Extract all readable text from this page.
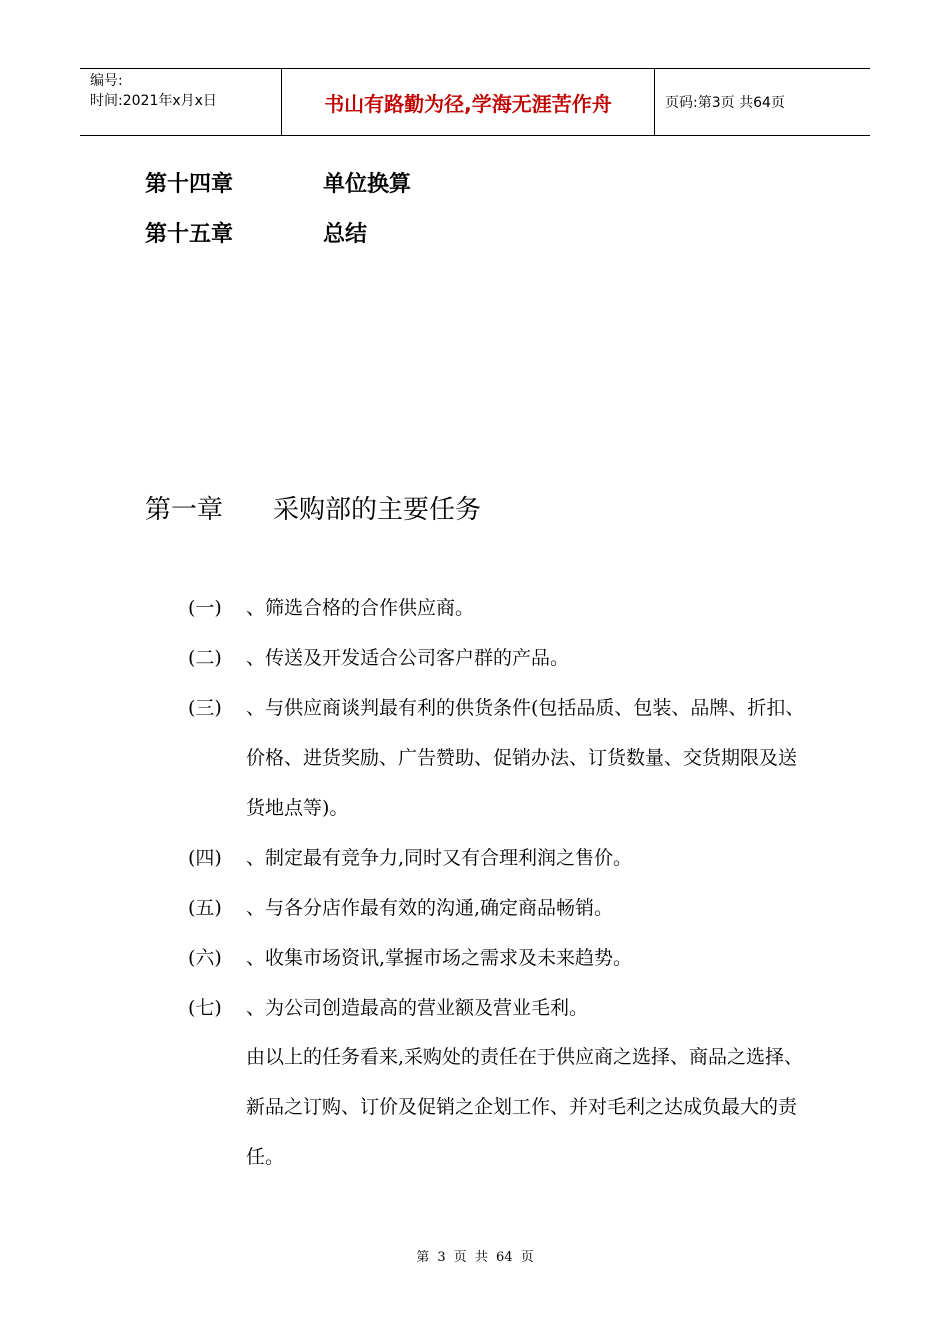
编号:
时间:2021年x月x日	书山有路勤为径,学海无涯苦作舟	页码:第3页 共64页
第十四章	单位换算
第十五章	总结
第一章 采购部的主要任务
(一)	、筛选合格的合作供应商。
(二)	、传送及开发适合公司客户群的产品。
(三)	、与供应商谈判最有利的供货条件(包括品质、包装、品牌、折扣、价格、进货奖励、广告赞助、促销办法、订货数量、交货期限及送货地点等)。
(四)	、制定最有竞争力,同时又有合理利润之售价。
(五)	、与各分店作最有效的沟通,确定商品畅销。
(六)	、收集市场资讯,掌握市场之需求及未来趋势。
(七)	、为公司创造最高的营业额及营业毛利。
由以上的任务看来,采购处的责任在于供应商之选择、商品之选择、新品之订购、订价及促销之企划工作、并对毛利之达成负最大的责任。
第 3 页 共 64 页
